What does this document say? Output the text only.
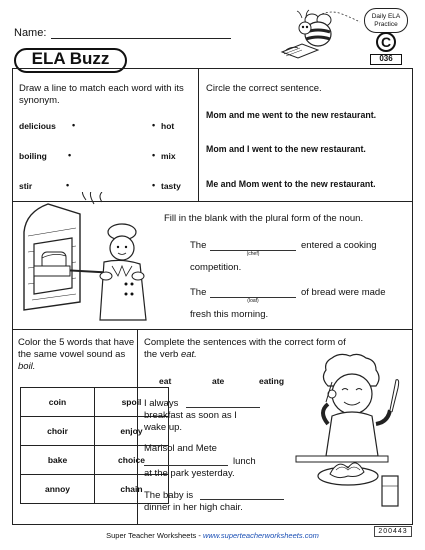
Name:
ELA Buzz
Daily ELA
Practice
C
036
Draw a line to match each word with its synonym.
delicious •	• hot
boiling •	• mix
stir	•	• tasty
Circle the correct sentence.
Mom and me went to the new restaurant.
Mom and I went to the new restaurant.
Me and Mom went to the new restaurant.
Fill in the blank with the plural form of the noun.
The
(chef)
entered a cooking
competition.
The
(loaf)
of bread were made
fresh this morning.
Color the 5 words that have
the same vowel sound as
boil.
coin	spoil
choir	enjoy
bake	choice
annoy	chain
Complete the sentences with the correct form of
the verb eat.
eat	ate	eating
I always
breakfast as soon as I
wake up.
Marisol and Mete
lunch
at the park yesterday.
The baby is
dinner in her high chair.
Super Teacher Worksheets - www.superteacherworksheets.com	200443
